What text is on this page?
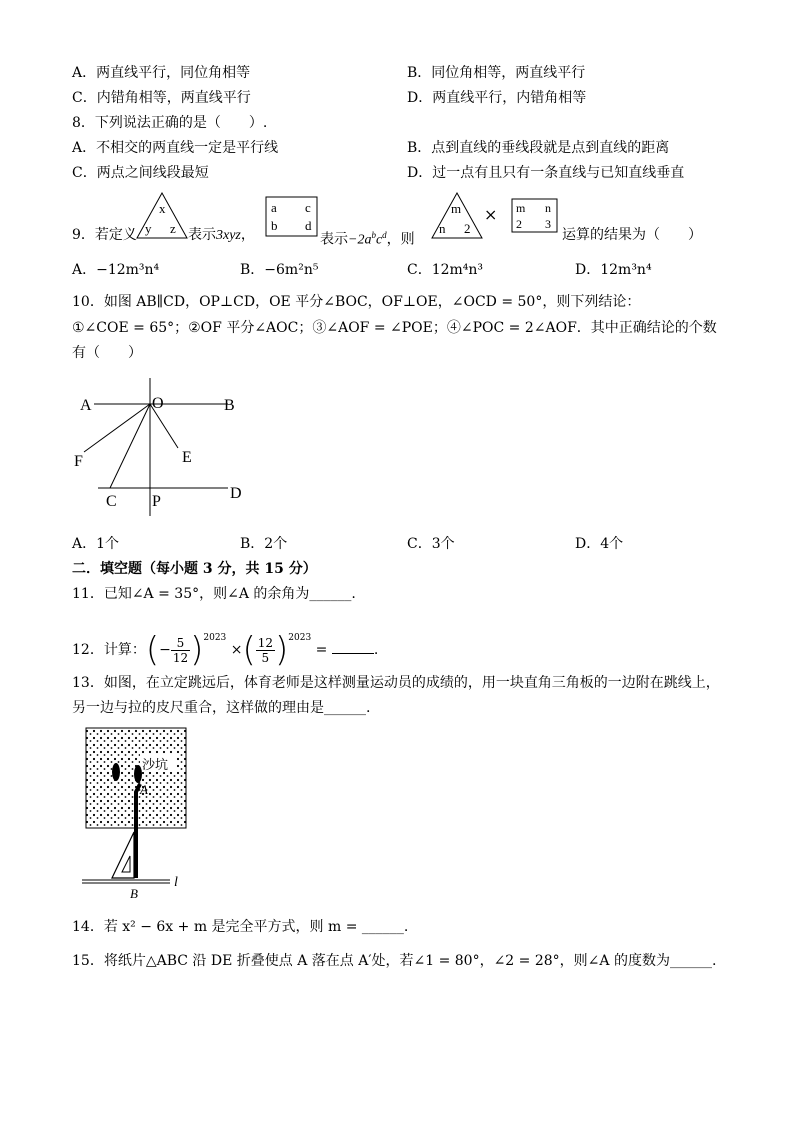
A．两直线平行，同位角相等	B．同位角相等，两直线平行
C．内错角相等，两直线平行	D．两直线平行，内错角相等
8．下列说法正确的是（　　）.
A．不相交的两直线一定是平行线	B．点到直线的垂线段就是点到直线的距离
C．两点之间线段最短	D．过一点有且只有一条直线与已知直线垂直
9．若定义
x
y z 表示3xyz，
a c
b d
表示$-2a^bc^d$，则
m
n 2
× m n
2 3
运算的结果为（　　）
A．−12m³n⁴	B．−6m²n⁵	C．12m⁴n³	D．12m³n⁴
10．如图 AB∥CD，OP⊥CD，OE 平分∠BOC，OF⊥OE，∠OCD = 50°，则下列结论：
①∠COE = 65°；②OF 平分∠AOC；③∠AOF = ∠POE；④∠POC = 2∠AOF．其中正确结论的个数
有（　　）
A	O	B
F	E
C P	D
A．1个	B．2个	C．3个	D．4个
二．填空题（每小题 3 分，共 15 分）
11．已知∠A = 35°，则∠A 的余角为______.
12．计算：(− $\frac{5}{12} )^{2023}$ ×( $\frac{12}{5} )^{2023}$ =	.
13．如图，在立定跳远后，体育老师是这样测量运动员的成绩的，用一块直角三角板的一边附在跳线上，
另一边与拉的皮尺重合，这样做的理由是______.
沙坑
A
B
l
14．若 x² − 6x + m 是完全平方式，则 m = ______.
15．将纸片△ABC 沿 DE 折叠使点 A 落在点 A′处，若∠1 = 80°，∠2 = 28°，则∠A 的度数为______.
